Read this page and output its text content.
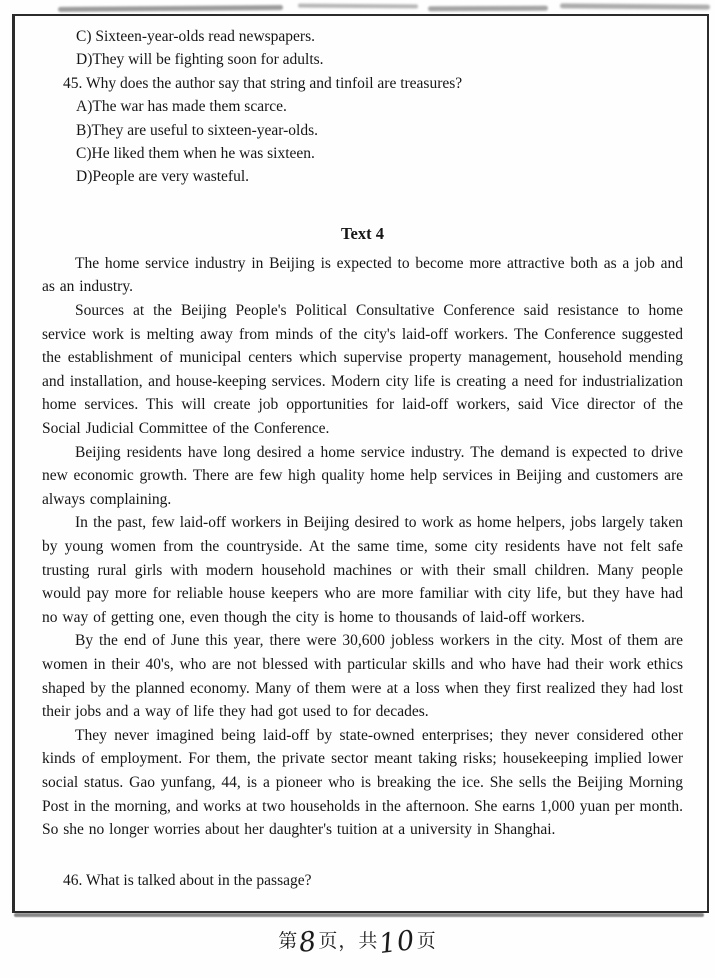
C) Sixteen-year-olds read newspapers.
D)They will be fighting soon for adults.
45. Why does the author say that string and tinfoil are treasures?
A)The war has made them scarce.
B)They are useful to sixteen-year-olds.
C)He liked them when he was sixteen.
D)People are very wasteful.
Text 4

The home service industry in Beijing is expected to become more attractive both as a job and as an industry.

Sources at the Beijing People's Political Consultative Conference said resistance to home service work is melting away from minds of the city's laid-off workers. The Conference suggested the establishment of municipal centers which supervise property management, household mending and installation, and house-keeping services. Modern city life is creating a need for industrialization home services. This will create job opportunities for laid-off workers, said Vice director of the Social Judicial Committee of the Conference.

Beijing residents have long desired a home service industry. The demand is expected to drive new economic growth. There are few high quality home help services in Beijing and customers are always complaining.

In the past, few laid-off workers in Beijing desired to work as home helpers, jobs largely taken by young women from the countryside. At the same time, some city residents have not felt safe trusting rural girls with modern household machines or with their small children. Many people would pay more for reliable house keepers who are more familiar with city life, but they have had no way of getting one, even though the city is home to thousands of laid-off workers.

By the end of June this year, there were 30,600 jobless workers in the city. Most of them are women in their 40's, who are not blessed with particular skills and who have had their work ethics shaped by the planned economy. Many of them were at a loss when they first realized they had lost their jobs and a way of life they had got used to for decades.

They never imagined being laid-off by state-owned enterprises; they never considered other kinds of employment. For them, the private sector meant taking risks; housekeeping implied lower social status. Gao yunfang, 44, is a pioneer who is breaking the ice. She sells the Beijing Morning Post in the morning, and works at two households in the afternoon. She earns 1,000 yuan per month. So she no longer worries about her daughter's tuition at a university in Shanghai.

46. What is talked about in the passage?
第8页，共10页
